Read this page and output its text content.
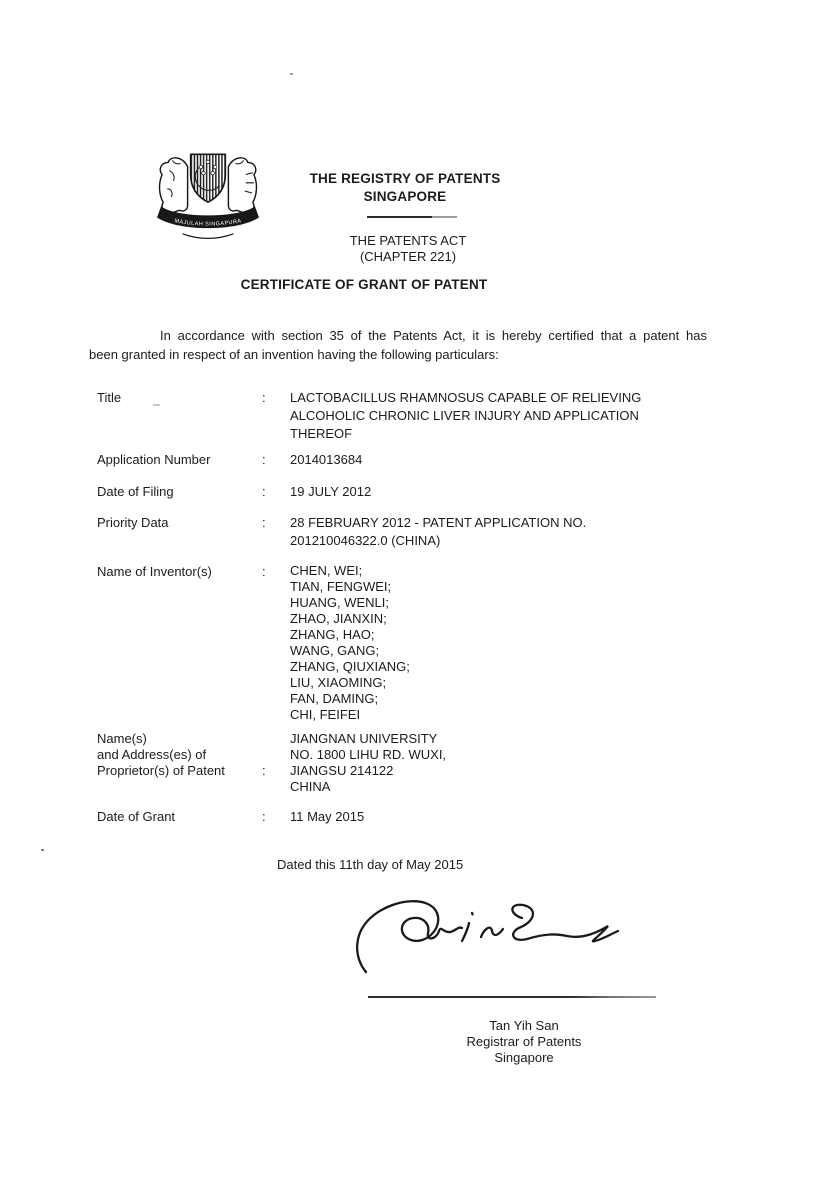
MAJULAH SINGAPURA
THE REGISTRY OF PATENTS
SINGAPORE
THE PATENTS ACT
(CHAPTER 221)
CERTIFICATE OF GRANT OF PATENT
In accordance with section 35 of the Patents Act, it is hereby certified that a patent has
been granted in respect of an invention having the following particulars:
Title	:	LACTOBACILLUS RHAMNOSUS CAPABLE OF RELIEVING
ALCOHOLIC CHRONIC LIVER INJURY AND APPLICATION
THEREOF
Application Number	:	2014013684
Date of Filing	:	19 JULY 2012
Priority Data	:	28 FEBRUARY 2012 - PATENT APPLICATION NO.
201210046322.0 (CHINA)
Name of Inventor(s)	:	CHEN, WEI;
TIAN, FENGWEI;
HUANG, WENLI;
ZHAO, JIANXIN;
ZHANG, HAO;
WANG, GANG;
ZHANG, QIUXIANG;
LIU, XIAOMING;
FAN, DAMING;
CHI, FEIFEI
Name(s)
and Address(es) of
Proprietor(s) of Patent	:
JIANGNAN UNIVERSITY
NO. 1800 LIHU RD. WUXI,
JIANGSU 214122
CHINA
Date of Grant	:	11 May 2015
Dated this 11th day of May 2015
Tan Yih San
Registrar of Patents
Singapore
